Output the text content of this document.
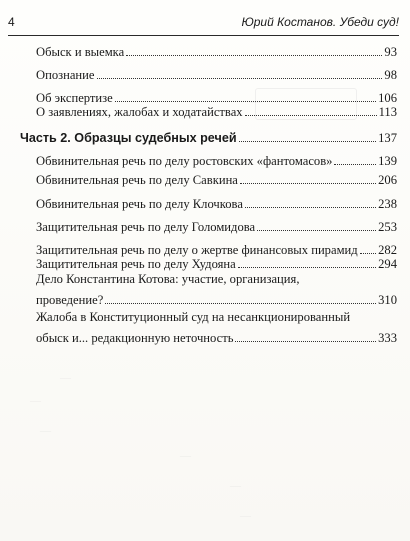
—
—
—
—
—
—
—
4	Юрий Костанов. Убеди суд!
Обыск и выемка	93
Опознание	98
Об экспертизе	106
О заявлениях, жалобах и ходатайствах	113
Часть 2. Образцы судебных речей	137
Обвинительная речь по делу ростовских «фантомасов»	139
Обвинительная речь по делу Савкина	206
Обвинительная речь по делу Клочкова	238
Защитительная речь по делу Голомидова	253
Защитительная речь по делу о жертве финансовых пирамид 282
Защитительная речь по делу Худояна	294
Дело Константина Котова: участие, организация,
проведение?	310
Жалоба в Конституционный суд на несанкционированный
обыск и... редакционную неточность	333
